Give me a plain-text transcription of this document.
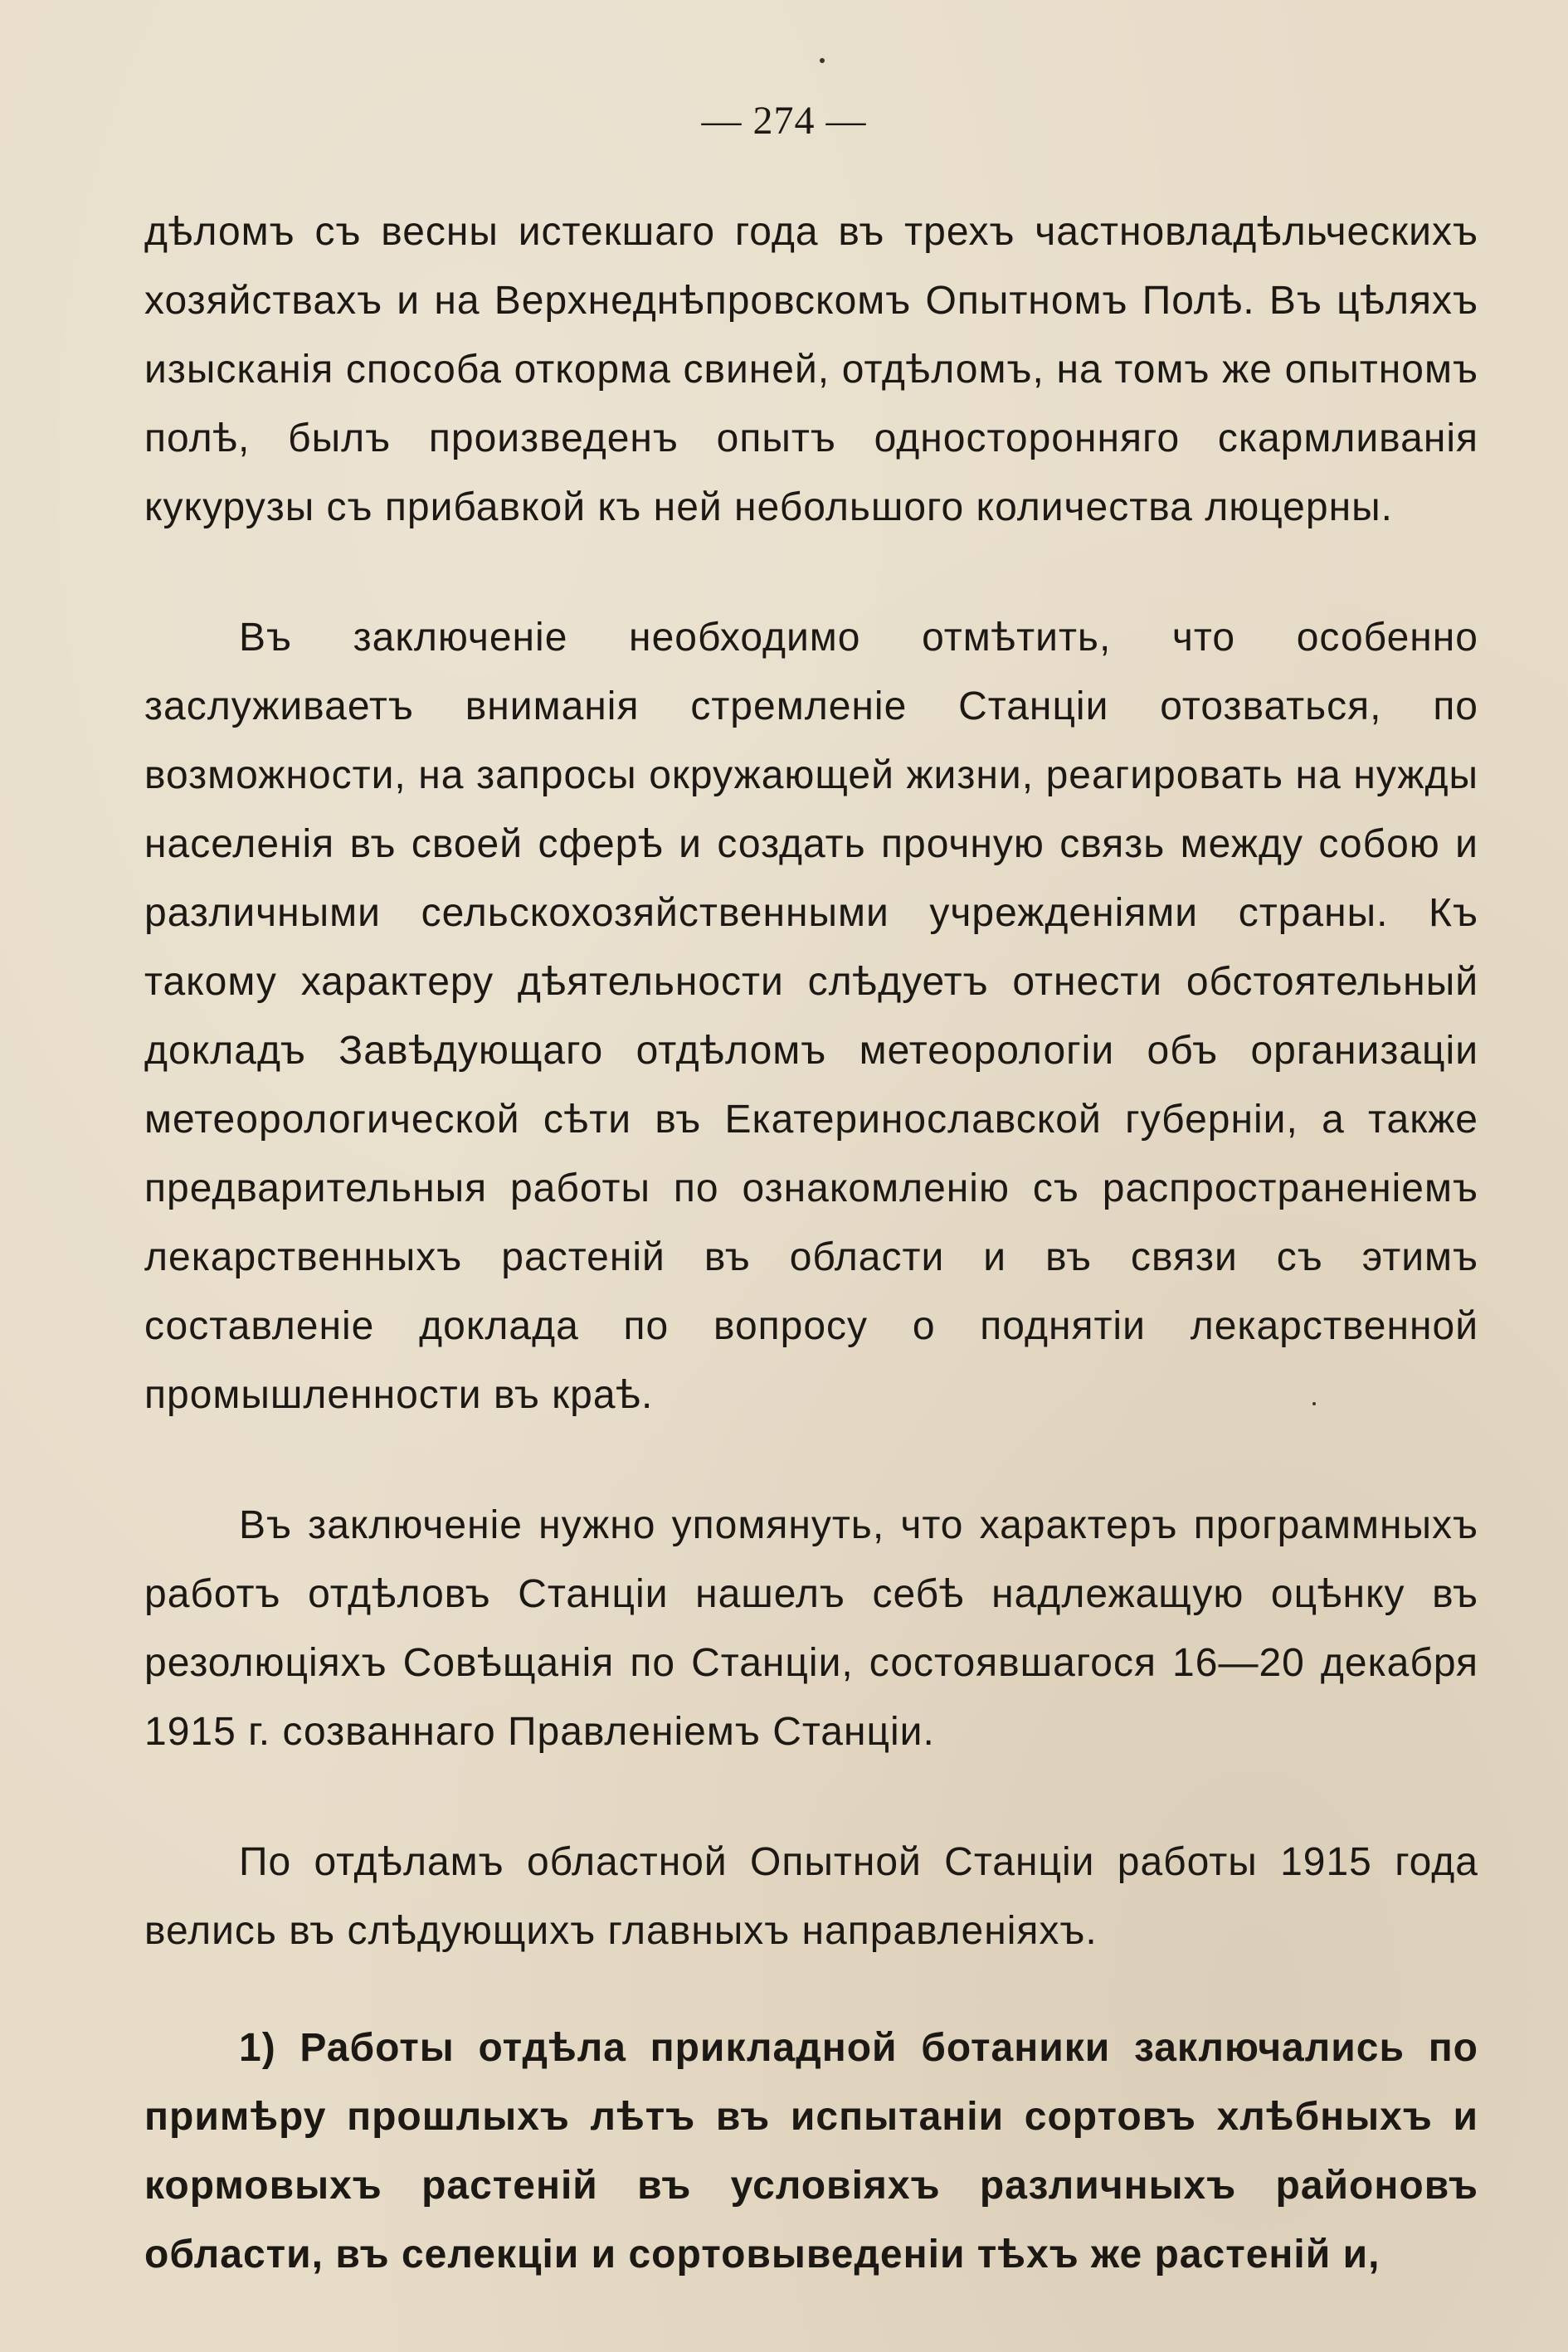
— 274 —

дѣломъ съ весны истекшаго года въ трехъ частновладѣльческихъ хозяйствахъ и на Верхнеднѣпровскомъ Опытномъ Полѣ. Въ цѣляхъ изысканія способа откорма свиней, отдѣломъ, на томъ же опытномъ полѣ, былъ произведенъ опытъ односторонняго скармливанія кукурузы съ прибавкой къ ней небольшого количества люцерны.

Въ заключеніе необходимо отмѣтить, что особенно заслуживаетъ вниманія стремленіе Станціи отозваться, по возможности, на запросы окружающей жизни, реагировать на нужды населенія въ своей сферѣ и создать прочную связь между собою и различными сельскохозяйственными учрежденіями страны. Къ такому характеру дѣятельности слѣдуетъ отнести обстоятельный докладъ Завѣдующаго отдѣломъ метеорологіи объ организаціи метеорологической сѣти въ Екатеринославской губерніи, а также предварительныя работы по ознакомленію съ распространеніемъ лекарственныхъ растеній въ области и въ связи съ этимъ составленіе доклада по вопросу о поднятіи лекарственной промышленности въ краѣ.

Въ заключеніе нужно упомянуть, что характеръ программныхъ работъ отдѣловъ Станціи нашелъ себѣ надлежащую оцѣнку въ резолюціяхъ Совѣщанія по Станціи, состоявшагося 16—20 декабря 1915 г. созваннаго Правленіемъ Станціи.

По отдѣламъ областной Опытной Станціи работы 1915 года велись въ слѣдующихъ главныхъ направленіяхъ.

1) Работы отдѣла прикладной ботаники заключались по примѣру прошлыхъ лѣтъ въ испытаніи сортовъ хлѣбныхъ и кормовыхъ растеній въ условіяхъ различныхъ районовъ области, въ селекціи и сортовыведеніи тѣхъ же растеній и,
